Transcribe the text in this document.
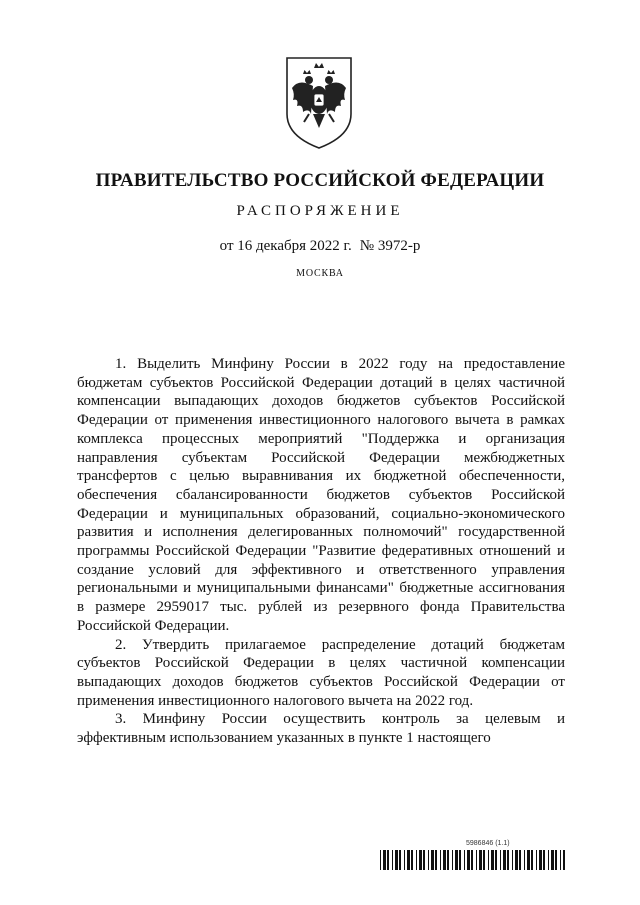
ПРАВИТЕЛЬСТВО РОССИЙСКОЙ ФЕДЕРАЦИИ
РАСПОРЯЖЕНИЕ
от 16 декабря 2022 г. № 3972-р
МОСКВА

1. Выделить Минфину России в 2022 году на предоставление бюджетам субъектов Российской Федерации дотаций в целях частичной компенсации выпадающих доходов бюджетов субъектов Российской Федерации от применения инвестиционного налогового вычета в рамках комплекса процессных мероприятий "Поддержка и организация направления субъектам Российской Федерации межбюджетных трансфертов с целью выравнивания их бюджетной обеспеченности, обеспечения сбалансированности бюджетов субъектов Российской Федерации и муниципальных образований, социально-экономического развития и исполнения делегированных полномочий" государственной программы Российской Федерации "Развитие федеративных отношений и создание условий для эффективного и ответственного управления региональными и муниципальными финансами" бюджетные ассигнования в размере 2959017 тыс. рублей из резервного фонда Правительства Российской Федерации.

2. Утвердить прилагаемое распределение дотаций бюджетам субъектов Российской Федерации в целях частичной компенсации выпадающих доходов бюджетов субъектов Российской Федерации от применения инвестиционного налогового вычета на 2022 год.

3. Минфину России осуществить контроль за целевым и эффективным использованием указанных в пункте 1 настоящего

5986846 (1.1)
